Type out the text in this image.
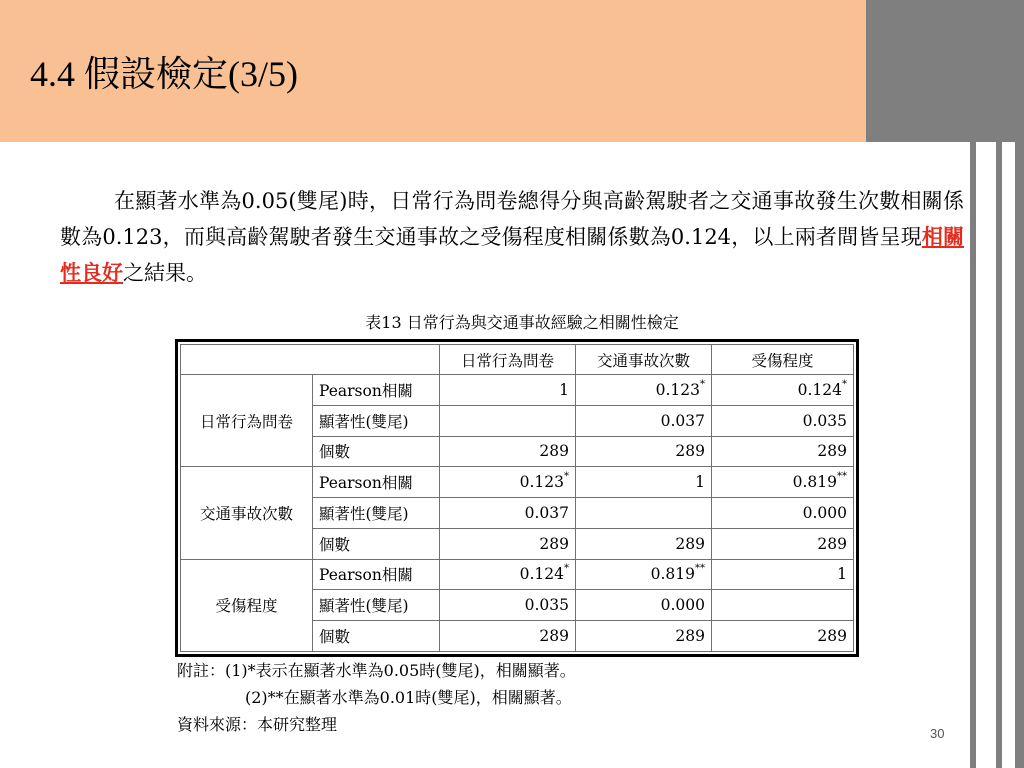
4.4 假設檢定(3/5)
在顯著水準為0.05(雙尾)時，日常行為問卷總得分與高齡駕駛者之交通事故發生次數相關係數為0.123，而與高齡駕駛者發生交通事故之受傷程度相關係數為0.124，以上兩者間皆呈現相關性良好之結果。
表13 日常行為與交通事故經驗之相關性檢定
		日常行為問卷	交通事故次數	受傷程度
日常行為問卷	Pearson相關	1	0.123*	0.124*
	顯著性(雙尾)		0.037	0.035
	個數	289	289	289
交通事故次數	Pearson相關	0.123*	1	0.819**
	顯著性(雙尾)	0.037		0.000
	個數	289	289	289
受傷程度	Pearson相關	0.124*	0.819**	1
	顯著性(雙尾)	0.035	0.000	
	個數	289	289	289
附註：(1)*表示在顯著水準為0.05時(雙尾)，相關顯著。
(2)**在顯著水準為0.01時(雙尾)，相關顯著。
資料來源：本研究整理	30
